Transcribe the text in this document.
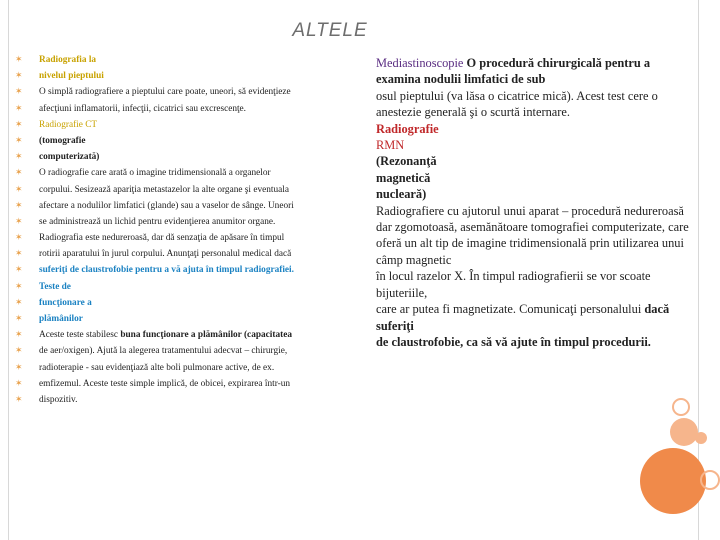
ALTELE
✶	Radiografia la
✶	nivelul pieptului
✶	O simplă radiografiere a pieptului care poate, uneori, să evidenţieze
✶	afecţiuni inflamatorii, infecţii, cicatrici sau excrescenţe.
✶	Radiografie CT
✶	(tomografie
✶	computerizată)
✶	O radiografie care arată o imagine tridimensională a organelor
✶	corpului. Sesizează apariţia metastazelor la alte organe şi eventuala
✶	afectare a nodulilor limfatici (glande) sau a vaselor de sânge. Uneori
✶	se administrează un lichid pentru evidenţierea anumitor organe.
✶	Radiografia este nedureroasă, dar dă senzaţia de apăsare în timpul
✶	rotirii aparatului în jurul corpului. Anunţaţi personalul medical dacă
✶	suferiţi de claustrofobie pentru a vă ajuta în timpul radiografiei.
✶	Teste de
✶	funcţionare a
✶	plămânilor
✶	Aceste teste stabilesc buna funcţionare a plămânilor (capacitatea
✶	de aer/oxigen). Ajută la alegerea tratamentului adecvat – chirurgie,
✶	radioterapie - sau evidenţiază alte boli pulmonare active, de ex.
✶	emfizemul. Aceste teste simple implică, de obicei, expirarea într-un
✶	dispozitiv.

Mediastinoscopie O procedură chirurgicală pentru a examina nodulii limfatici de sub

osul pieptului (va lăsa o cicatrice mică). Acest test cere o anestezie generală şi o scurtă internare.

Radiografie

RMN

(Rezonanţă magnetică nucleară)

Radiografiere cu ajutorul unui aparat – procedură nedureroasă dar zgomotoasă, asemănătoare tomografiei computerizate, care oferă un alt tip de imagine tridimensională prin utilizarea unui câmp magnetic

în locul razelor X. În timpul radiografierii se vor scoate bijuteriile,

care ar putea fi magnetizate. Comunicaţi personalului dacă suferiţi

de claustrofobie, ca să vă ajute în timpul procedurii.
